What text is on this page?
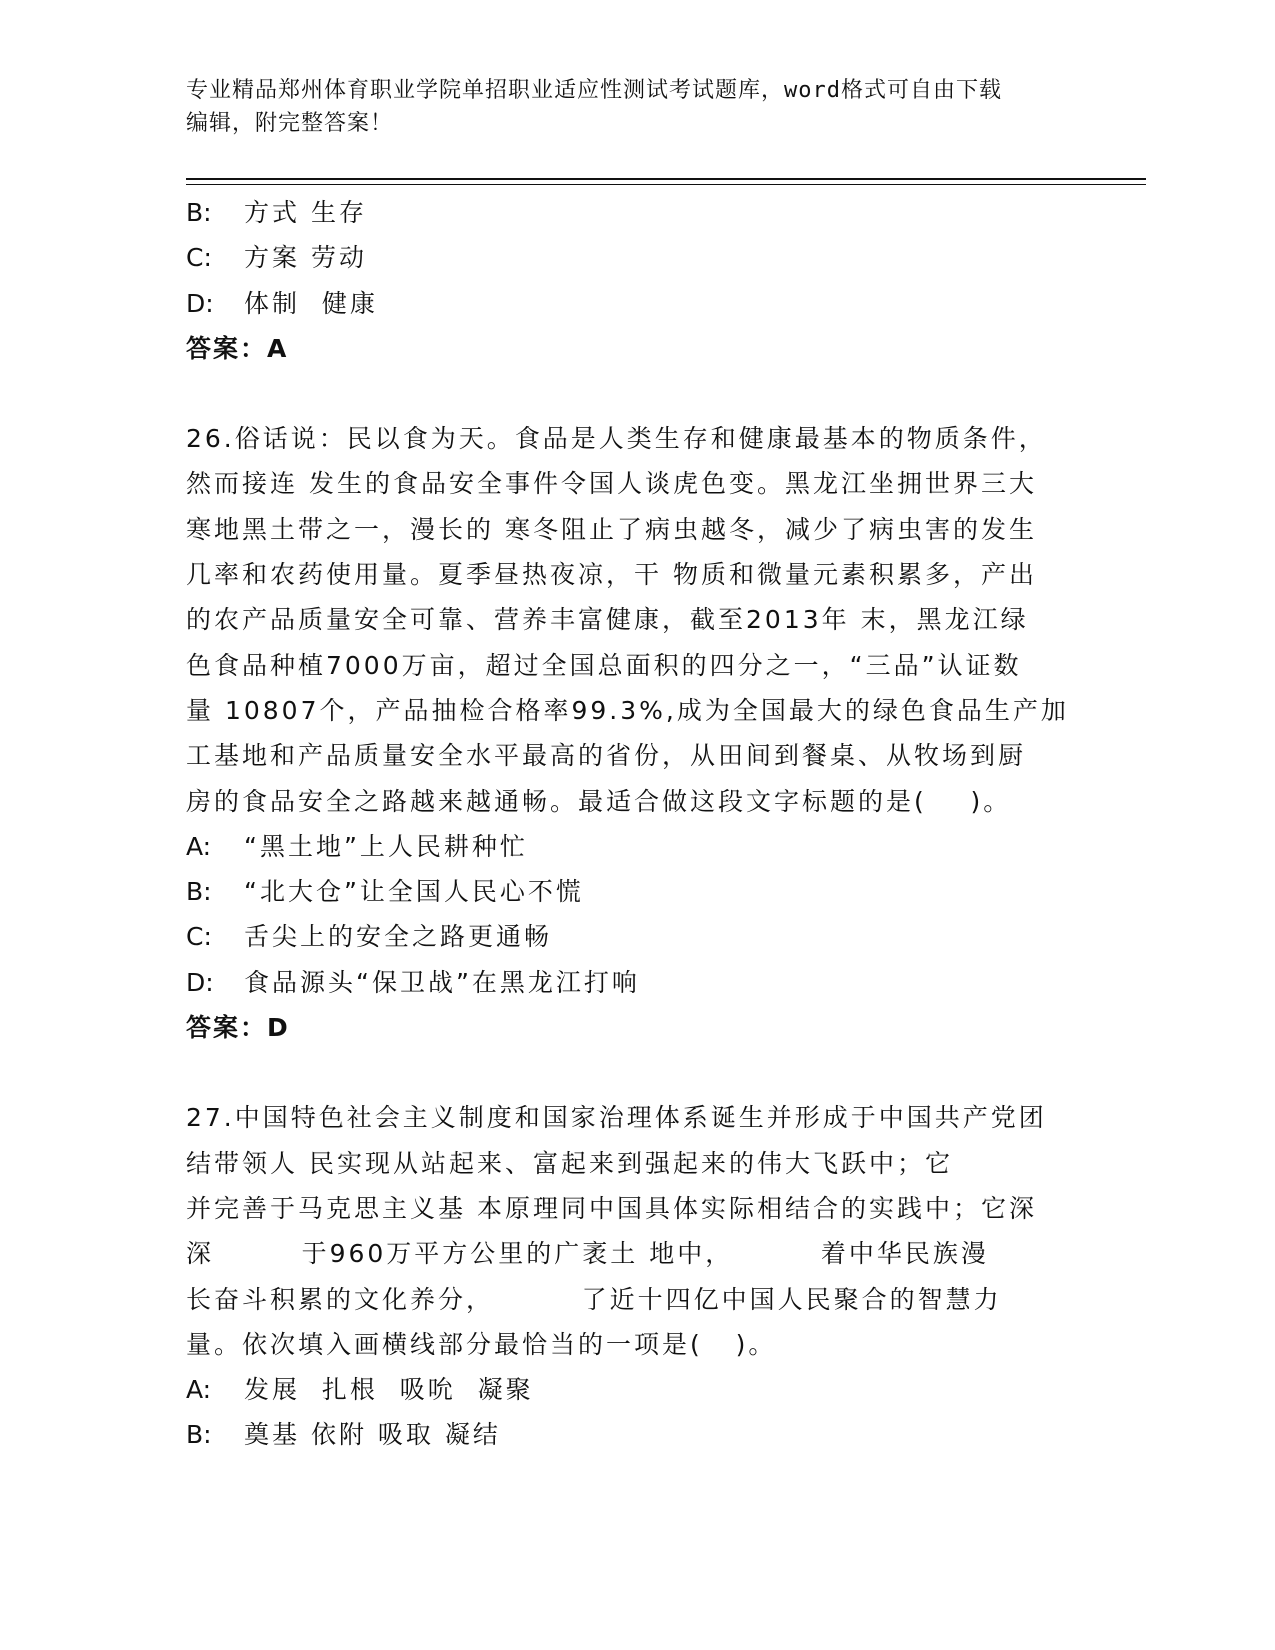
专业精品郑州体育职业学院单招职业适应性测试考试题库，word格式可自由下载
编辑，附完整答案！
B:	方式 生存
C:	方案 劳动
D:	体制  健康
答案：A
26.俗话说：民以食为天。食品是人类生存和健康最基本的物质条件，
然而接连 发生的食品安全事件令国人谈虎色变。黑龙江坐拥世界三大
寒地黑土带之一，漫长的 寒冬阻止了病虫越冬，减少了病虫害的发生
几率和农药使用量。夏季昼热夜凉，干 物质和微量元素积累多，产出
的农产品质量安全可靠、营养丰富健康，截至2013年 末，黑龙江绿
色食品种植7000万亩，超过全国总面积的四分之一，“三品”认证数
量 10807个，产品抽检合格率99.3%,成为全国最大的绿色食品生产加
工基地和产品质量安全水平最高的省份，从田间到餐桌、从牧场到厨
房的食品安全之路越来越通畅。最适合做这段文字标题的是(    )。
A:	“黑土地”上人民耕种忙
B:	“北大仓”让全国人民心不慌
C:	舌尖上的安全之路更通畅
D:	食品源头“保卫战”在黑龙江打响
答案：D
27.中国特色社会主义制度和国家治理体系诞生并形成于中国共产党团
结带领人 民实现从站起来、富起来到强起来的伟大飞跃中；它
并完善于马克思主义基 本原理同中国具体实际相结合的实践中；它深
深        于960万平方公里的广袤土 地中，        着中华民族漫
长奋斗积累的文化养分，        了近十四亿中国人民聚合的智慧力
量。依次填入画横线部分最恰当的一项是(   )。
A:	发展  扎根  吸吮  凝聚
B:	奠基 依附 吸取 凝结
